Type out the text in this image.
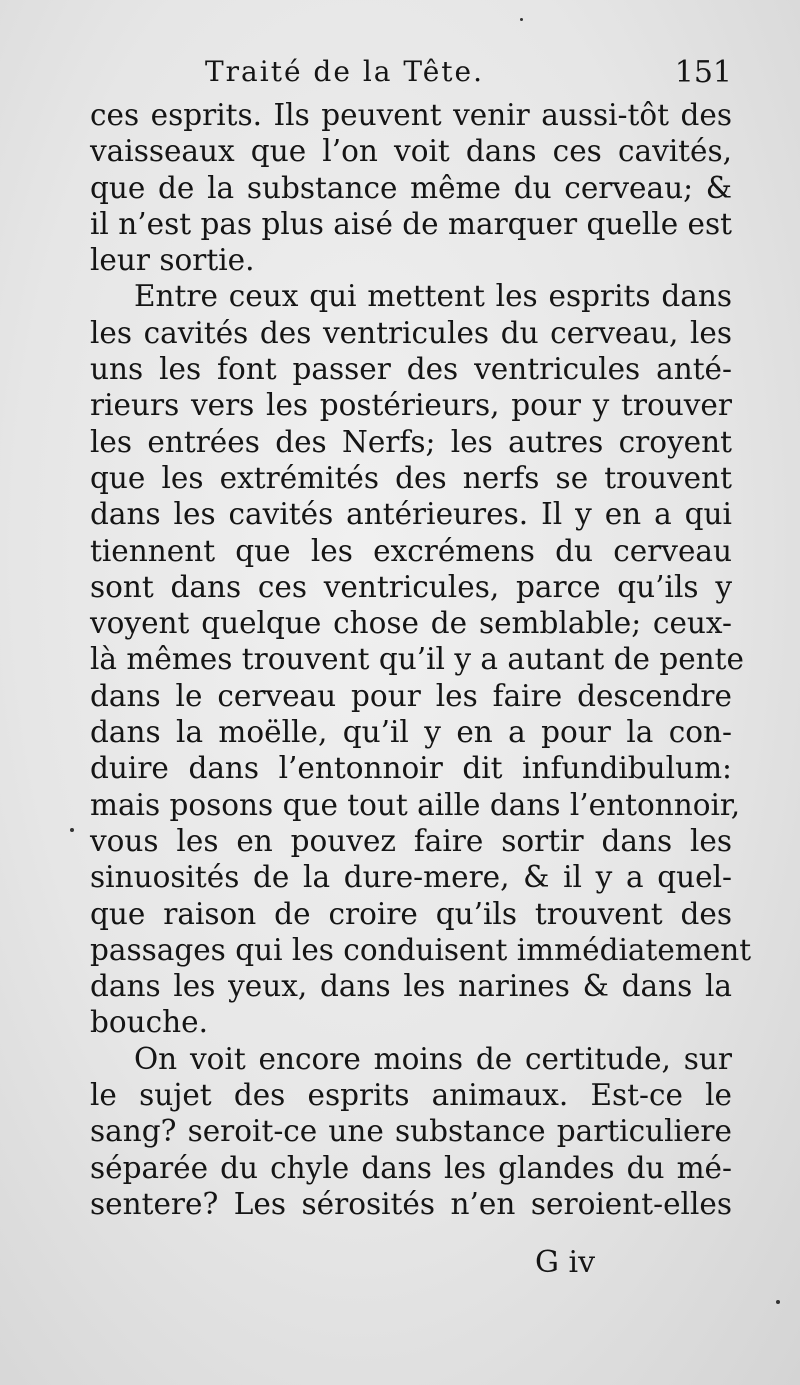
Traité de la Tête.	151
ces esprits. Ils peuvent venir aussi-tôt des
vaisseaux que l’on voit dans ces cavités,
que de la substance même du cerveau; &
il n’est pas plus aisé de marquer quelle est
leur sortie.
Entre ceux qui mettent les esprits dans
les cavités des ventricules du cerveau, les
uns les font passer des ventricules anté-
rieurs vers les postérieurs, pour y trouver
les entrées des Nerfs; les autres croyent
que les extrémités des nerfs se trouvent
dans les cavités antérieures. Il y en a qui
tiennent que les excrémens du cerveau
sont dans ces ventricules, parce qu’ils y
voyent quelque chose de semblable; ceux-
là mêmes trouvent qu’il y a autant de pente
dans le cerveau pour les faire descendre
dans la moëlle, qu’il y en a pour la con-
duire dans l’entonnoir dit infundibulum:
mais posons que tout aille dans l’entonnoir,
vous les en pouvez faire sortir dans les
sinuosités de la dure-mere, & il y a quel-
que raison de croire qu’ils trouvent des
passages qui les conduisent immédiatement
dans les yeux, dans les narines & dans la
bouche.
On voit encore moins de certitude, sur
le sujet des esprits animaux. Est-ce le
sang? seroit-ce une substance particuliere
séparée du chyle dans les glandes du mé-
sentere? Les sérosités n’en seroient-elles
G iv
